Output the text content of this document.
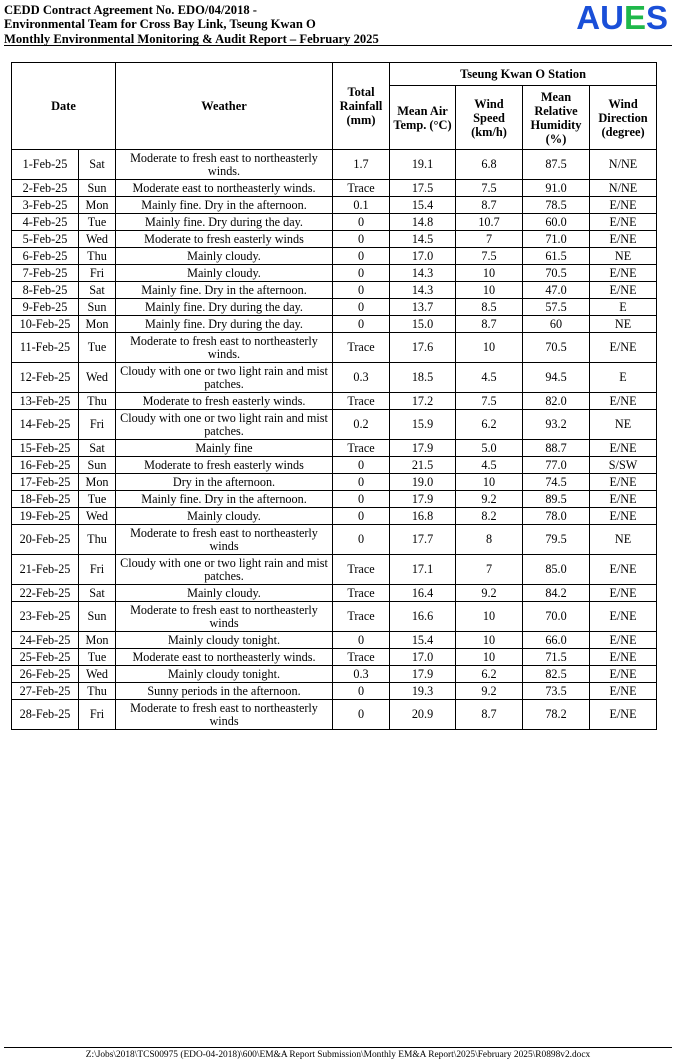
CEDD Contract Agreement No. EDO/04/2018 -
Environmental Team for Cross Bay Link, Tseung Kwan O
Monthly Environmental Monitoring & Audit Report – February 2025
AUES
Date		Weather	Total Rainfall (mm)	Tseung Kwan O Station			
				Mean Air Temp. (°C)	Wind Speed (km/h)	Mean Relative Humidity (%)	Wind Direction (degree)
1-Feb-25	Sat	Moderate to fresh east to northeasterly winds.	1.7	19.1	6.8	87.5	N/NE
2-Feb-25	Sun	Moderate east to northeasterly winds.	Trace	17.5	7.5	91.0	N/NE
3-Feb-25	Mon	Mainly fine. Dry in the afternoon.	0.1	15.4	8.7	78.5	E/NE
4-Feb-25	Tue	Mainly fine. Dry during the day.	0	14.8	10.7	60.0	E/NE
5-Feb-25	Wed	Moderate to fresh easterly winds	0	14.5	7	71.0	E/NE
6-Feb-25	Thu	Mainly cloudy.	0	17.0	7.5	61.5	NE
7-Feb-25	Fri	Mainly cloudy.	0	14.3	10	70.5	E/NE
8-Feb-25	Sat	Mainly fine. Dry in the afternoon.	0	14.3	10	47.0	E/NE
9-Feb-25	Sun	Mainly fine. Dry during the day.	0	13.7	8.5	57.5	E
10-Feb-25	Mon	Mainly fine. Dry during the day.	0	15.0	8.7	60	NE
11-Feb-25	Tue	Moderate to fresh east to northeasterly winds.	Trace	17.6	10	70.5	E/NE
12-Feb-25	Wed	Cloudy with one or two light rain and mist patches.	0.3	18.5	4.5	94.5	E
13-Feb-25	Thu	Moderate to fresh easterly winds.	Trace	17.2	7.5	82.0	E/NE
14-Feb-25	Fri	Cloudy with one or two light rain and mist patches.	0.2	15.9	6.2	93.2	NE
15-Feb-25	Sat	Mainly fine	Trace	17.9	5.0	88.7	E/NE
16-Feb-25	Sun	Moderate to fresh easterly winds	0	21.5	4.5	77.0	S/SW
17-Feb-25	Mon	Dry in the afternoon.	0	19.0	10	74.5	E/NE
18-Feb-25	Tue	Mainly fine. Dry in the afternoon.	0	17.9	9.2	89.5	E/NE
19-Feb-25	Wed	Mainly cloudy.	0	16.8	8.2	78.0	E/NE
20-Feb-25	Thu	Moderate to fresh east to northeasterly winds	0	17.7	8	79.5	NE
21-Feb-25	Fri	Cloudy with one or two light rain and mist patches.	Trace	17.1	7	85.0	E/NE
22-Feb-25	Sat	Mainly cloudy.	Trace	16.4	9.2	84.2	E/NE
23-Feb-25	Sun	Moderate to fresh east to northeasterly winds	Trace	16.6	10	70.0	E/NE
24-Feb-25	Mon	Mainly cloudy tonight.	0	15.4	10	66.0	E/NE
25-Feb-25	Tue	Moderate east to northeasterly winds.	Trace	17.0	10	71.5	E/NE
26-Feb-25	Wed	Mainly cloudy tonight.	0.3	17.9	6.2	82.5	E/NE
27-Feb-25	Thu	Sunny periods in the afternoon.	0	19.3	9.2	73.5	E/NE
28-Feb-25	Fri	Moderate to fresh east to northeasterly winds	0	20.9	8.7	78.2	E/NE
Z:\Jobs\2018\TCS00975 (EDO-04-2018)\600\EM&A Report Submission\Monthly EM&A Report\2025\February 2025\R0898v2.docx
